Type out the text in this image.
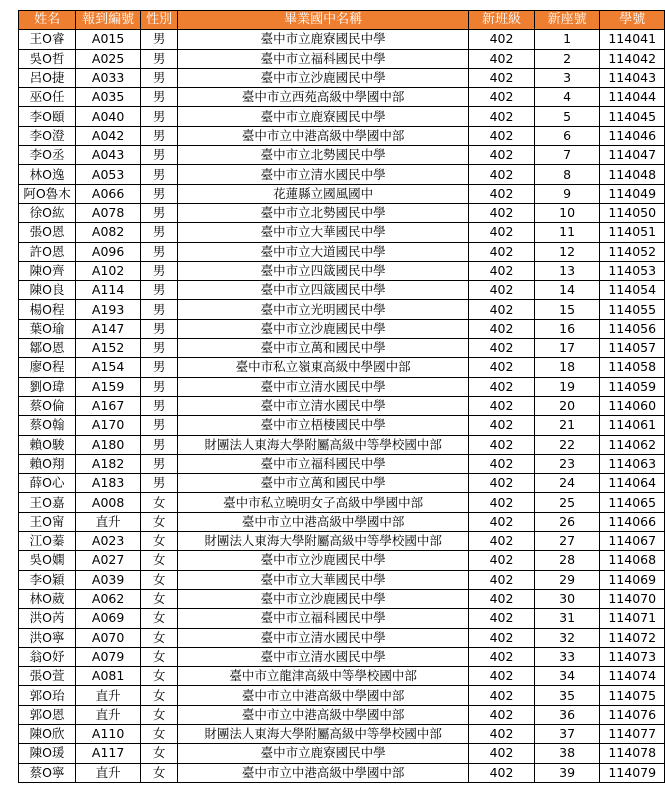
姓名	報到編號	性別	畢業國中名稱	新班級	新座號	學號
王O睿	A015	男	臺中市立鹿寮國民中學	402	1	114041
吳O哲	A025	男	臺中市立福科國民中學	402	2	114042
呂O捷	A033	男	臺中市立沙鹿國民中學	402	3	114043
巫O任	A035	男	臺中市立西苑高級中學國中部	402	4	114044
李O頤	A040	男	臺中市立鹿寮國民中學	402	5	114045
李O澄	A042	男	臺中市立中港高級中學國中部	402	6	114046
李O丞	A043	男	臺中市立北勢國民中學	402	7	114047
林O逸	A053	男	臺中市立清水國民中學	402	8	114048
阿O魯木	A066	男	花蓮縣立國風國中	402	9	114049
徐O紘	A078	男	臺中市立北勢國民中學	402	10	114050
張O恩	A082	男	臺中市立大華國民中學	402	11	114051
許O恩	A096	男	臺中市立大道國民中學	402	12	114052
陳O齊	A102	男	臺中市立四箴國民中學	402	13	114053
陳O良	A114	男	臺中市立四箴國民中學	402	14	114054
楊O程	A193	男	臺中市立光明國民中學	402	15	114055
葉O瑜	A147	男	臺中市立沙鹿國民中學	402	16	114056
鄒O恩	A152	男	臺中市立萬和國民中學	402	17	114057
廖O程	A154	男	臺中市私立嶺東高級中學國中部	402	18	114058
劉O瑋	A159	男	臺中市立清水國民中學	402	19	114059
蔡O倫	A167	男	臺中市立清水國民中學	402	20	114060
蔡O翰	A170	男	臺中市立梧棲國民中學	402	21	114061
賴O駿	A180	男	財團法人東海大學附屬高級中等學校國中部	402	22	114062
賴O翔	A182	男	臺中市立福科國民中學	402	23	114063
薛O心	A183	男	臺中市立萬和國民中學	402	24	114064
王O嘉	A008	女	臺中市私立曉明女子高級中學國中部	402	25	114065
王O甯	直升	女	臺中市立中港高級中學國中部	402	26	114066
江O蓁	A023	女	財團法人東海大學附屬高級中等學校國中部	402	27	114067
吳O嫻	A027	女	臺中市立沙鹿國民中學	402	28	114068
李O穎	A039	女	臺中市立大華國民中學	402	29	114069
林O葳	A062	女	臺中市立沙鹿國民中學	402	30	114070
洪O芮	A069	女	臺中市立福科國民中學	402	31	114071
洪O寧	A070	女	臺中市立清水國民中學	402	32	114072
翁O妤	A079	女	臺中市立清水國民中學	402	33	114073
張O萱	A081	女	臺中市立龍津高級中等學校國中部	402	34	114074
郭O珆	直升	女	臺中市立中港高級中學國中部	402	35	114075
郭O恩	直升	女	臺中市立中港高級中學國中部	402	36	114076
陳O欣	A110	女	財團法人東海大學附屬高級中等學校國中部	402	37	114077
陳O瑗	A117	女	臺中市立鹿寮國民中學	402	38	114078
蔡O寧	直升	女	臺中市立中港高級中學國中部	402	39	114079
